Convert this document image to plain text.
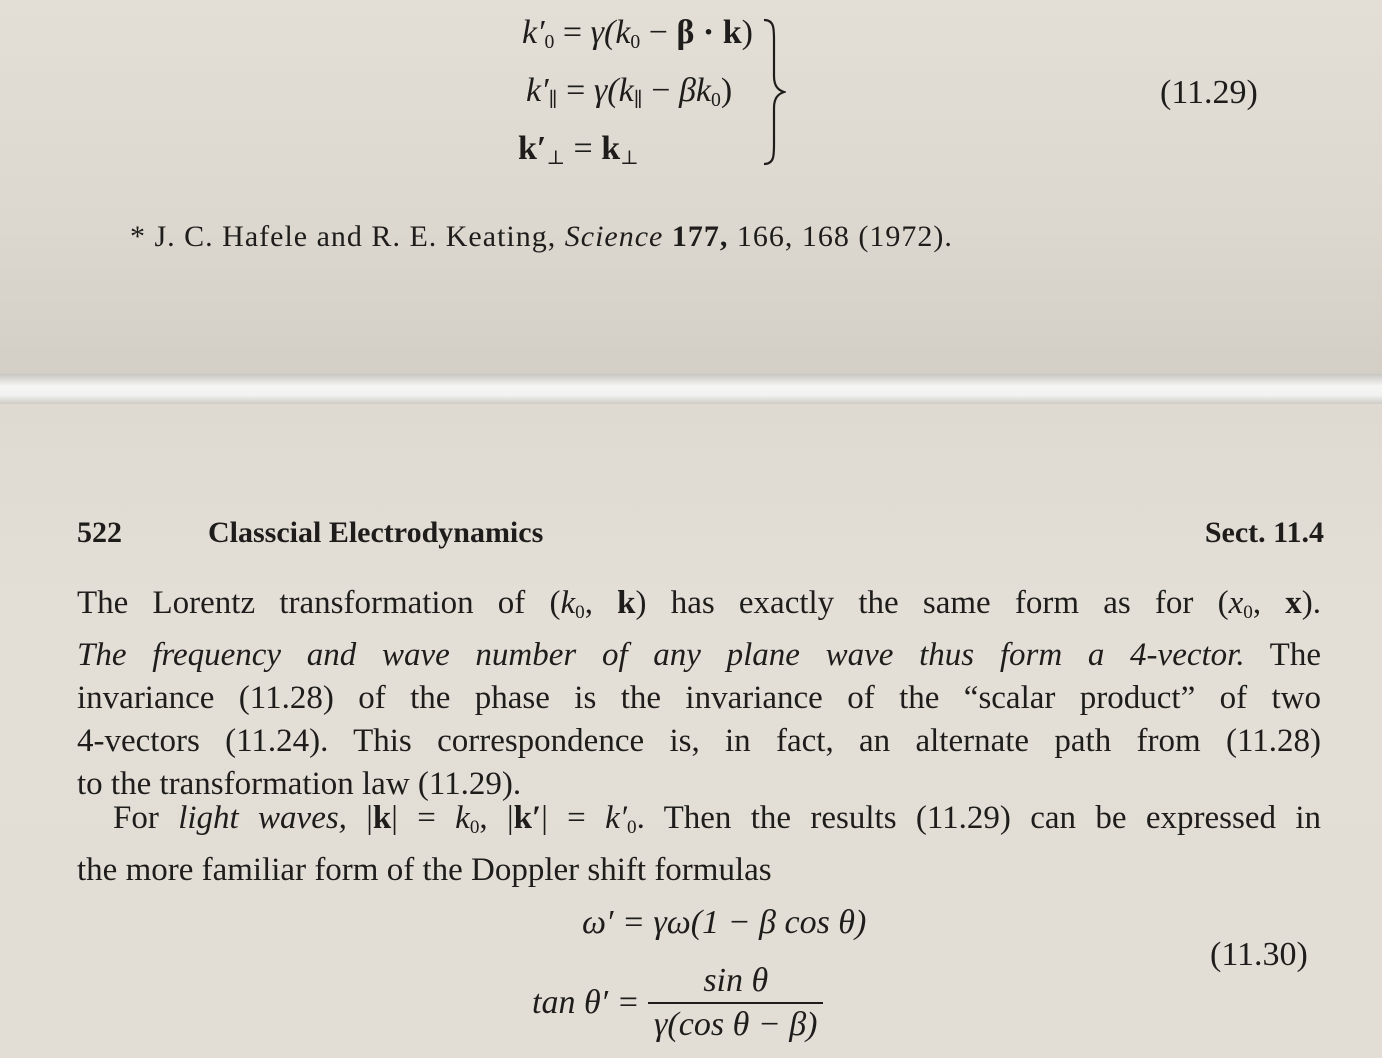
$k'_0 = \gamma(k_0 - \beta \cdot k)$
$k'_\parallel = \gamma(k_\parallel - \beta k_0)$
$k'_\perp = k_\perp$
(11.29)
* J. C. Hafele and R. E. Keating, Science 177, 166, 168 (1972).
522	Classcial Electrodynamics	Sect. 11.4
The Lorentz transformation of ($k_0$, k) has exactly the same form as for ($x_0$, x).
The frequency and wave number of any plane wave thus form a 4-vector. The
invariance (11.28) of the phase is the invariance of the “scalar product” of two
4-vectors (11.24). This correspondence is, in fact, an alternate path from (11.28)
to the transformation law (11.29).
For light waves, $|k| = k_0$, $|k'| = k'_0$. Then the results (11.29) can be expressed in
the more familiar form of the Doppler shift formulas
ω′ = γω(1 − β cos θ)
$\tan \theta' = \frac{\text{sin θ}}{\text{γ(cos θ − β)}}$
(11.30)
